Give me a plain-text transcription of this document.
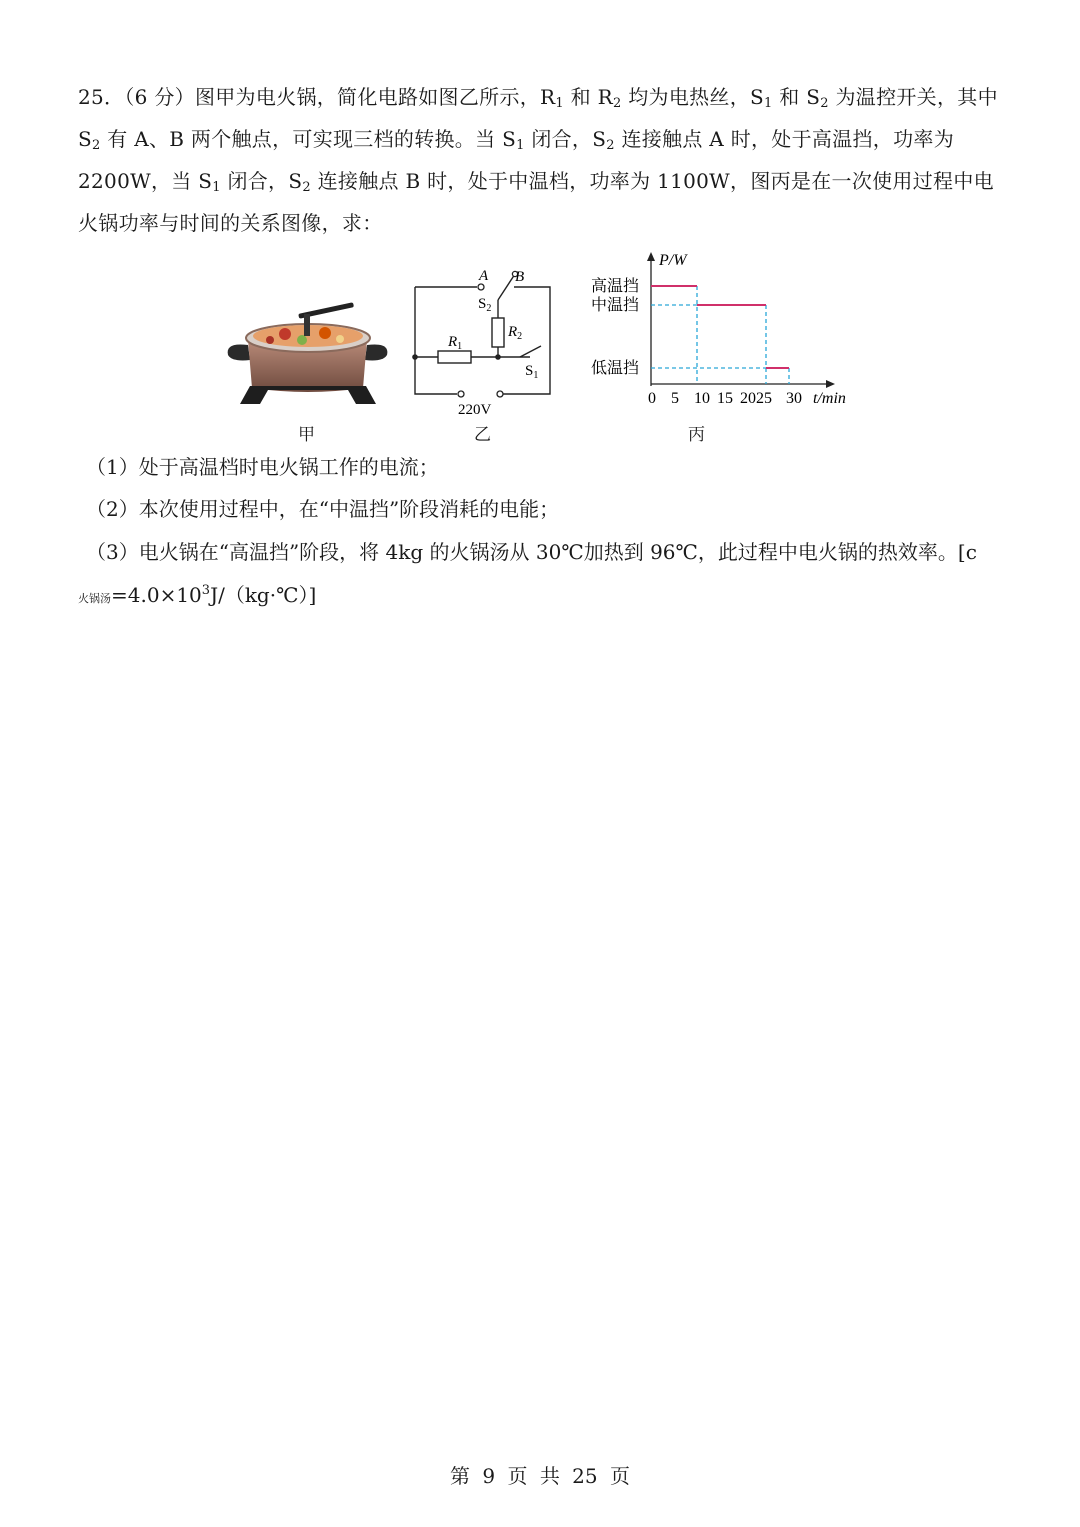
25．（6 分）图甲为电火锅，简化电路如图乙所示，$R_1$ 和 $R_2$ 均为电热丝，$S_1$ 和 $S_2$ 为温控开关，其中 $S_2$ 有 A、B 两个触点，可实现三档的转换。当 $S_1$ 闭合，$S_2$ 连接触点 A 时，处于高温挡，功率为 2200W，当 $S_1$ 闭合，$S_2$ 连接触点 B 时，处于中温档，功率为 1100W，图丙是在一次使用过程中电火锅功率与时间的关系图像，求：
A B
$S_2$
$R_1$
$R_2$
$S_1$
220V
P/W
t/min
高温挡
中温挡
低温挡
0 5 10 15 2025 30
甲	乙	丙
（1）处于高温档时电火锅工作的电流；
（2）本次使用过程中，在“中温挡”阶段消耗的电能；
（3）电火锅在“高温挡”阶段，将 4kg 的火锅汤从 30℃加热到 96℃，此过程中电火锅的热效率。[c
火锅汤$=4.0\times 10^3J/(kg\cdot℃)$]
第 9 页 共 25 页
